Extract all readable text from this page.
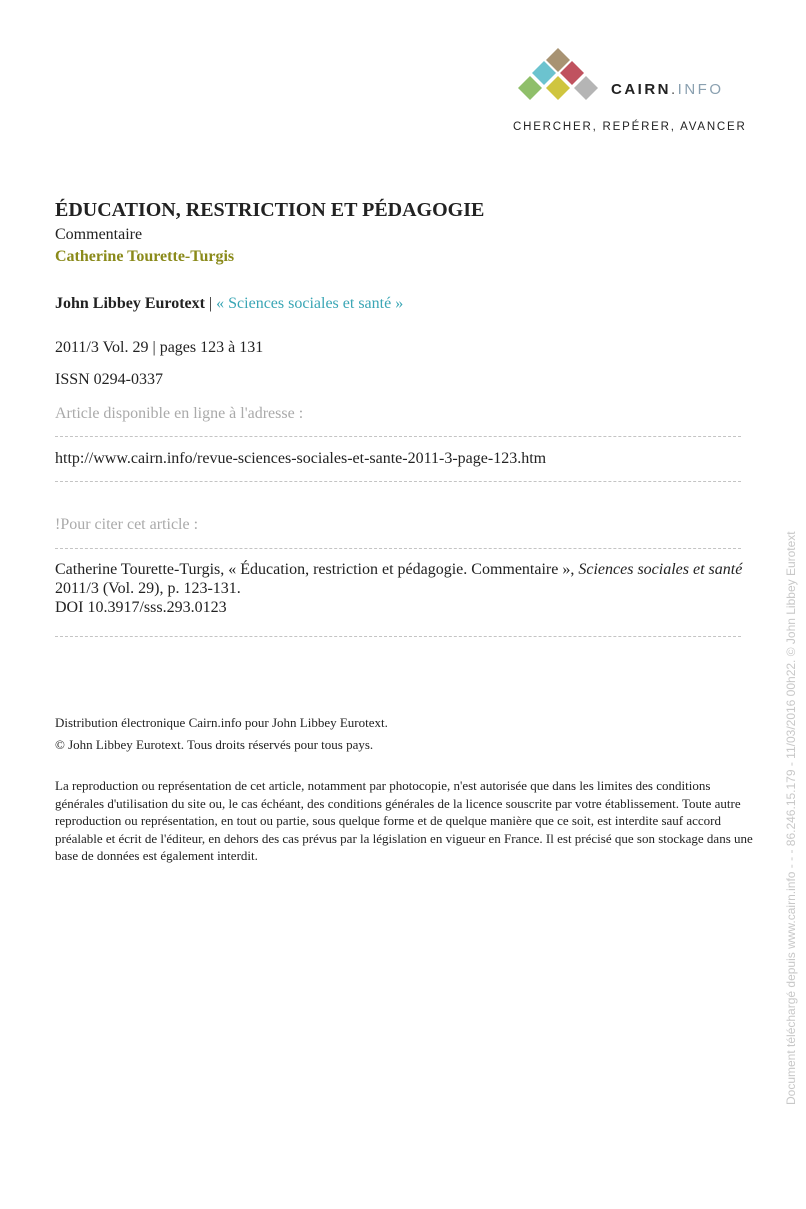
CAIRN.INFO
CHERCHER, REPÉRER, AVANCER
ÉDUCATION, RESTRICTION ET PÉDAGOGIE
Commentaire
Catherine Tourette-Turgis
John Libbey Eurotext | « Sciences sociales et santé »
2011/3 Vol. 29 | pages 123 à 131
ISSN 0294-0337
Article disponible en ligne à l'adresse :
http://www.cairn.info/revue-sciences-sociales-et-sante-2011-3-page-123.htm
!Pour citer cet article :
Catherine Tourette-Turgis, « Éducation, restriction et pédagogie. Commentaire », Sciences sociales et santé 2011/3 (Vol. 29), p. 123-131.
DOI 10.3917/sss.293.0123
Distribution électronique Cairn.info pour John Libbey Eurotext.
© John Libbey Eurotext. Tous droits réservés pour tous pays.
La reproduction ou représentation de cet article, notamment par photocopie, n'est autorisée que dans les limites des conditions générales d'utilisation du site ou, le cas échéant, des conditions générales de la licence souscrite par votre établissement. Toute autre reproduction ou représentation, en tout ou partie, sous quelque forme et de quelque manière que ce soit, est interdite sauf accord préalable et écrit de l'éditeur, en dehors des cas prévus par la législation en vigueur en France. Il est précisé que son stockage dans une base de données est également interdit.	Document téléchargé depuis www.cairn.info - - - 86.246.15.179 - 11/03/2016 00h22. © John Libbey Eurotext
